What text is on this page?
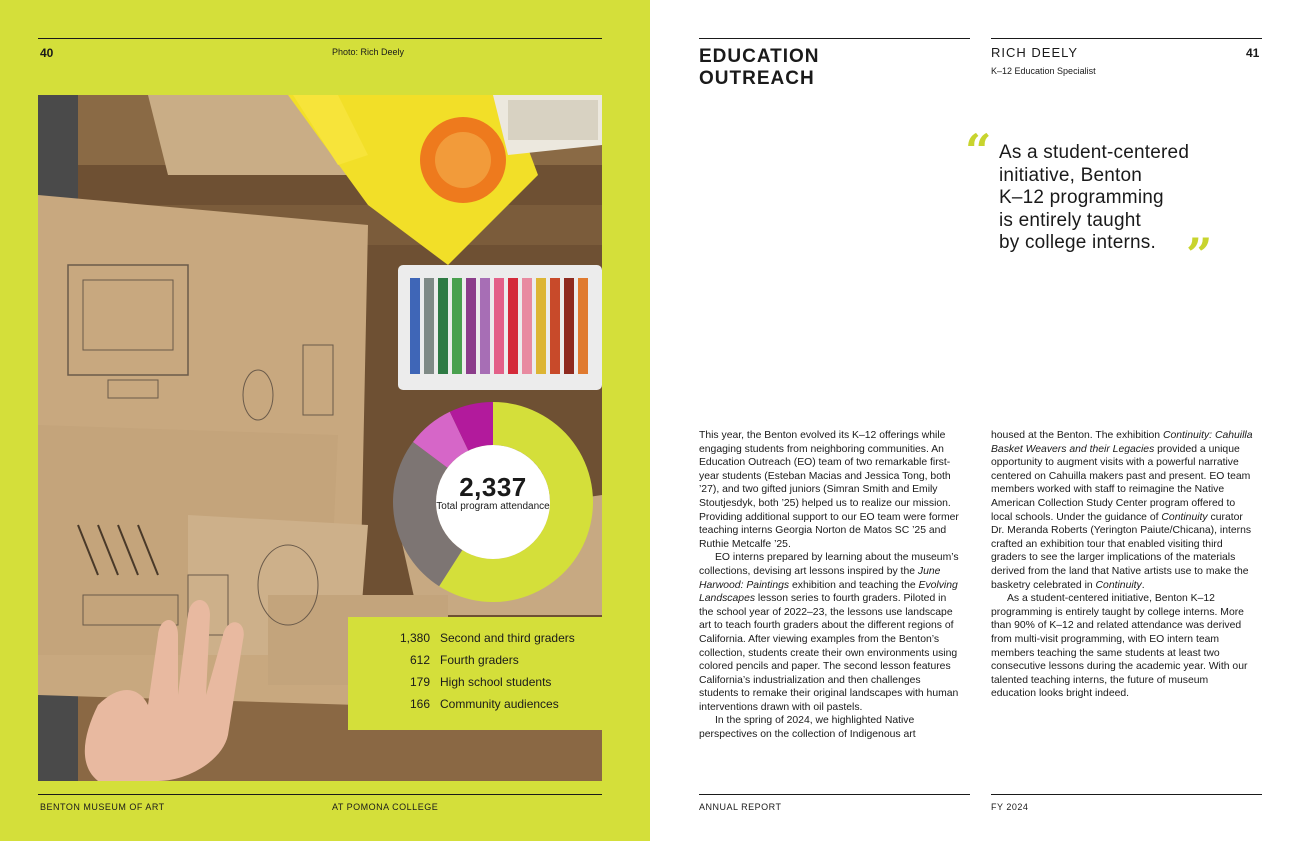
40	Photo: Rich Deely
2,337
Total program attendance
1,380 Second and third graders
612 Fourth graders
179 High school students
166 Community audiences
BENTON MUSEUM OF ART	AT POMONA COLLEGE
EDUCATION
OUTREACH
RICH DEELY
K–12 Education Specialist
41
“ As a student-centered
initiative, Benton
K–12 programming
is entirely taught
by college interns. ”

This year, the Benton evolved its K–12 offerings while engaging students from neighboring communities. An Education Outreach (EO) team of two remarkable first-year students (Esteban Macias and Jessica Tong, both ’27), and two gifted juniors (Simran Smith and Emily Stoutjesdyk, both ’25) helped us to realize our mission. Providing additional support to our EO team were former teaching interns Georgia Norton de Matos SC ’25 and Ruthie Metcalfe ’25.

EO interns prepared by learning about the museum’s collections, devising art lessons inspired by the June Harwood: Paintings exhibition and teaching the Evolving Landscapes lesson series to fourth graders. Piloted in the school year of 2022–23, the lessons use landscape art to teach fourth graders about the different regions of California. After viewing examples from the Benton’s collection, students create their own environments using colored pencils and paper. The second lesson features California’s industrialization and then challenges students to remake their original landscapes with human interventions drawn with oil pastels.

In the spring of 2024, we highlighted Native perspectives on the collection of Indigenous art

housed at the Benton. The exhibition Continuity: Cahuilla Basket Weavers and their Legacies provided a unique opportunity to augment visits with a powerful narrative centered on Cahuilla makers past and present. EO team members worked with staff to reimagine the Native American Collection Study Center program offered to local schools. Under the guidance of Continuity curator Dr. Meranda Roberts (Yerington Paiute/Chicana), interns crafted an exhibition tour that enabled visiting third graders to see the larger implications of the materials derived from the land that Native artists use to make the basketry celebrated in Continuity.

As a student-centered initiative, Benton K–12 programming is entirely taught by college interns. More than 90% of K–12 and related attendance was derived from multi-visit programming, with EO intern team members teaching the same students at least two consecutive lessons during the academic year. With our talented teaching interns, the future of museum education looks bright indeed.

ANNUAL REPORT	FY 2024
